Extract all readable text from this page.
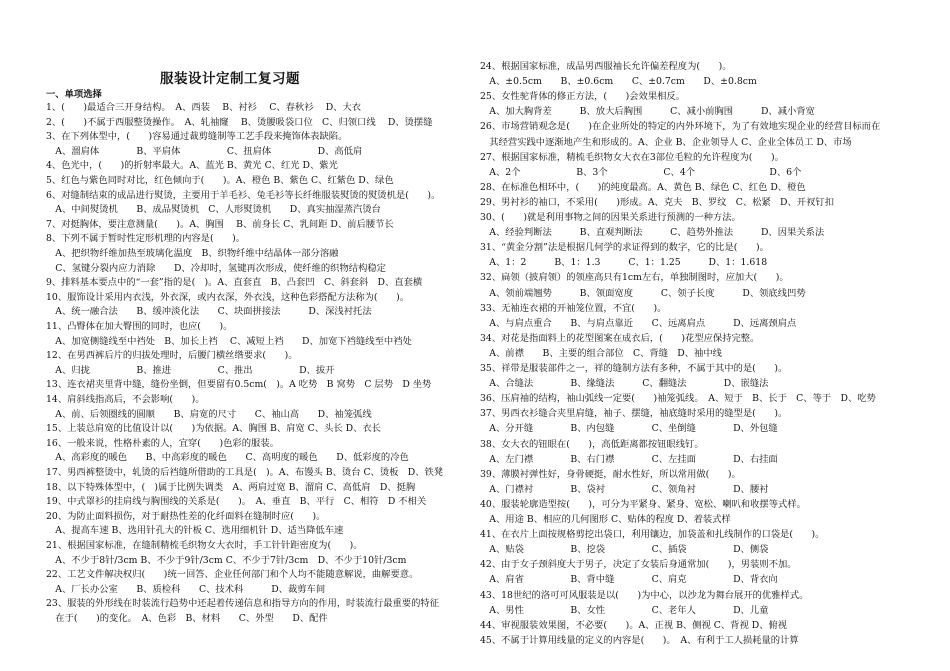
服装设计定制工复习题
一、单项选择
1、(　　)最适合三开身结构。　A、西装　 B、衬衫　 C、春秋衫　 D、大衣
2、(　　)不属于西服整烫操作。　A、轧袖窿　 B、烫腰吸袋口位　C、归领口线　 D、烫摆缝
3、在下列体型中，(　　)容易通过裁剪缝制等工艺手段来掩饰体表缺陷。
　A、溜肩体　　　　B、平肩体　　　　　C、扭肩体　　　　　D、高低肩
4、色光中，(　　)的折射率最大。A、蓝光 B、黄光 C、红光 D、紫光
5、红色与紫色同时对比，红色倾向于(　　)。A、橙色 B、紫色 C、红紫色 D、绿色
6、对缝制结束的成品进行熨烫，主要用于羊毛衫、兔毛衫等长纤维服装熨烫的熨烫机是(　　)。
　A、中间熨烫机　　B、成品熨烫机　C、人形熨烫机　　D、真实抽湿蒸汽烫台
7、对挺胸体，要注意测量(　　)。A、胸围　 B、前身长 C、乳间距 D、前后腰节长
8、下列不属于暂时性定形机理的内容是(　　)。
　A、把织物纤维加热至玻璃化温度　B、织物纤维中结晶体一部分溶融
　C、氢键分裂内应力消除　　D、冷却时，氢键再次形成，使纤维的织物结构稳定
9、排料基本要点中的“一套”指的是(　)。A、直套直　B、凸套凹　C、斜套斜　D、直套横
10、服饰设计采用内衣浅，外衣深，或内衣深，外衣浅，这种色彩搭配方法称为(　　)。
　A、统一融合法　　B、缓冲淡化法　　C、块面拼接法　　　D、深浅衬托法
11、凸臀体在加大臀围的同时，也应(　　)。
　A、加宽侧缝线至中裆处　B、加长上裆　 C、减短上裆　　D、加宽下裆缝线至中裆处
12、在男西裤后片的归拔处理时，后腰门横丝绺要求(　　)。
　A、归拢　　　　　B、推进　　　　　C、推出　　　　　D、拔开
13、连衣裙夹里背中缝，缝份坐倒，但要留有0.5cm(　)。A 吃势　B 窝势　C 层势　D 坐势
14、肩斜线指高后，不会影响(　　)。
　A、前、后领圈线的圆顺　　B、肩宽的尺寸　　C、袖山高　　D、袖笼弧线
15、上装总肩宽的比值设计以(　　)为依据。A、胸围 B、肩宽 C、头长 D、衣长
16、一般来说，性格朴素的人，宜穿(　　)色彩的服装。
　A、高彩度的暖色　　B、中高彩度的暖色　　C、高明度的暖色　　D、低彩度的冷色
17、男西裤整烫中，轧烫的后裆缝所借助的工具是(　)。A、布馒头 B、烫台 C、烫板　D、铁凳
18、以下特殊体型中，(　)属于比例失调类　A、两肩过宽 B、溜肩 C、高低肩　D、挺胸
19、中式罩衫的挂肩线与胸围线的关系是(　　)。　A、垂直　B、平行　C、相符　D 不相关
20、为防止面料损伤，对于耐热性差的化纤面料在缝制时应(　　)。
　A、提高车速 B、选用针孔大的针板 C、选用细机针 D、适当降低车速
21、根据国家标准，在缝制精梳毛织物女大衣时，手工针针距密度为(　　)。
　A、不少于8针/3cm B、不少于9针/3cm C、不少于7针/3cm　D、不少于10针/3cm
22、工艺文件解决权归(　　)统一回答、企业任何部门和个人均不能随意解说，曲解要意。
　A、厂长办公室　　B、质检科　　C、技术科　　　D、裁剪车间
23、服装的外形线在时装流行趋势中还起着传递信息和指导方向的作用，时装流行最重要的特征
　在于(　　)的变化。　A、色彩　B、材料　　C、外型　　D、配件
24、根据国家标准，成品男西服袖长允许偏差程度为(　　)。
　A、±0.5cm　　B、±0.6cm　　C、±0.7cm　　D、±0.8cm
25、女性驼背体的修正方法，(　　)会效果相反。
　A、加大胸背差　　　B、放大后胸围　　　C、减小前胸围　　　D、减小背宽
26、市场营销观念是(　　)在企业所处的特定的内外环境下，为了有效地实现企业的经营目标而在
　其经营实践中逐渐地产生和形成的。A、企业 B、企业领导人 C、企业全体员工 D、市场
27、根据国家标准，精梳毛织物女大衣在3部位毛粒的允许程度为(　　)。
　A、2个　　　　　　B、3个　　　　　　C、4个　　　　　　　　D、6个
28、在标准色相环中，(　　)的纯度最高。A、黄色 B、绿色 C、红色 D、橙色
29、男衬衫的袖口，不采用(　　)形成。A、克夫　B、罗纹　C、松紧　D、开衩钉扣
30、(　　)就是利用事物之间的因果关系进行预测的一种方法。
　A、经验判断法　　　B、直观判断法　　　C、趋势外推法　　　D、因果关系法
31、“黄金分割”法是根据几何学的求证得到的数字，它的比是(　　)。
　A、1：2　　　B、1：1.3　　　C、1：1.25　　　D、1：1.618
32、扁领（披肩领）的领座高只有1cm左右，单独制图时，应加大(　　)。
　A、领前端翘势　　　B、领面宽度　　　C、领子长度　　　D、领底线凹势
33、无袖连衣裙的开袖笼位置，不宜(　　)。
　A、与肩点重合　　B、与肩点靠近　　C、远离肩点　　　D、远离颈肩点
34、对花是指面料上的花型图案在成衣后，(　　)花型应保持完整。
　A、前襟　　B、主要的组合部位　C、背缝　D、袖中线
35、祥带是服装部件之一，祥的缝制方法有多种，不属于其中的是(　　)。
　A、合缝法　　　　B、缘缝法　　　C、翻缝法　　　　D、嵌缝法
36、压肩袖的结构，袖山弧线一定要(　　)袖笼弧线。　A、短于　B、长于　C、等于　D、吃势
37、男西衣衫缝合夹里肩缝，袖子、摆缝，袖底缝时采用的缝型是(　　)。
　A、分开缝　　　　B、内包缝　　　　C、坐倒缝　　　　D、外包缝
38、女大衣的钮眼在(　　)，高低距离都按钮眼线钉。
　A、左门襟　　　　B、右门襟　　　　C、左挂面　　　　D、右挂面
39、薄膜衬弹性好，身骨硬挺，耐水性好，所以常用做(　　)。
　A、门襟衬　　　　B、袋衬　　　　　C、领角衬　　　　D、腰衬
40、服装轮廓造型按(　　)，可分为平紧身、紧身、宽松、喇叭和收摆等式样。
　A、用途 B、相应的几何图形 C、贴体的程度 D、着装式样
41、在衣片上面按规格剪挖出袋口，利用镶边，加袋盖和扎线制作的口袋是(　　)。
　A、贴袋　　　　　B、挖袋　　　　　C、插袋　　　　　D、侧袋
42、由于女子颈斜度大于男子，决定了女装后身通常加(　　)，男装则不加。
　A、肩省　　　　　B、背中缝　　　　C、肩克　　　　　D、背衣向
43、18世纪的洛可可风服装是以(　　)为中心，以沙龙为舞台展开的优雅样式。
　A、男性　　　　　B、女性　　　　　C、老年人　　　　D、儿童
44、审视服装效果图，不必要(　　)。A、正视 B、侧视 C、背视 D、俯视
45、不属于计算用线量的定义的内容是(　　)。　A、有利于工人损耗量的计算
